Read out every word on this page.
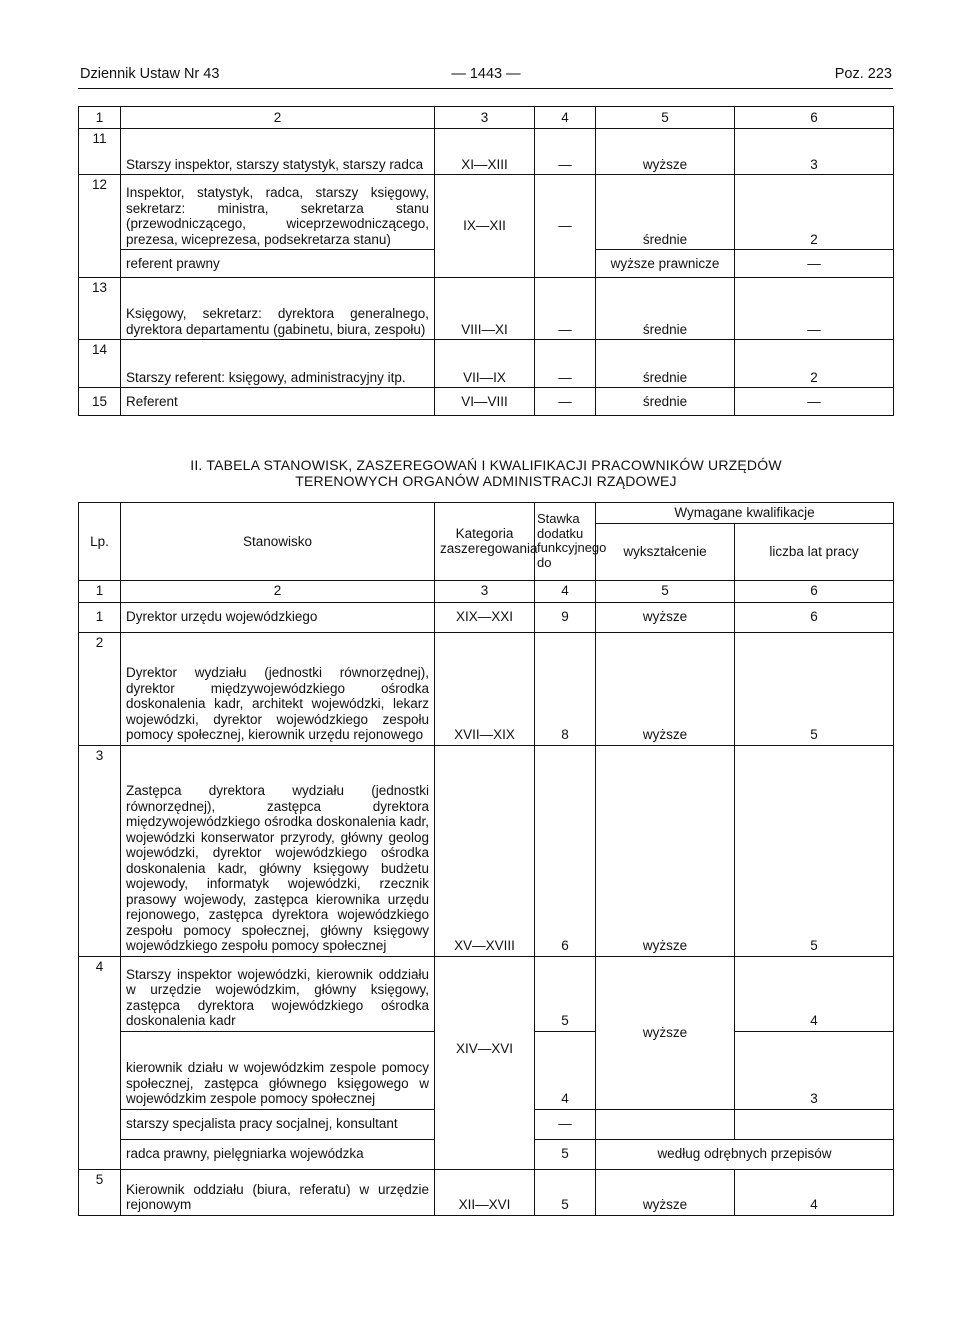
Dziennik Ustaw Nr 43	— 1443 —	Poz. 223
1	2	3	4	5	6
11	Starszy inspektor, starszy statystyk, starszy radca	XI—XIII	—	wyższe	3
12	Inspektor, statystyk, radca, starszy księgowy, sekretarz: ministra, sekretarza stanu (przewodniczącego, wiceprzewodniczącego, prezesa, wiceprezesa, podsekretarza stanu)	IX—XII	—	średnie	2
	referent prawny			wyższe prawnicze	—
13	Księgowy, sekretarz: dyrektora generalnego, dyrektora departamentu (gabinetu, biura, zespołu)	VIII—XI	—	średnie	—
14	Starszy referent: księgowy, administracyjny itp.	VII—IX	—	średnie	2
15	Referent	VI—VIII	—	średnie	—
II. TABELA STANOWISK, ZASZEREGOWAŃ I KWALIFIKACJI PRACOWNIKÓW URZĘDÓW
TERENOWYCH ORGANÓW ADMINISTRACJI RZĄDOWEJ
Lp.	Stanowisko	Kategoria zaszeregowania	Stawka dodatku funkcyjnego do	Wymagane kwalifikacje	
				wykształcenie	liczba lat pracy
1	2	3	4	5	6
1	Dyrektor urzędu wojewódzkiego	XIX—XXI	9	wyższe	6
2	Dyrektor wydziału (jednostki równorzędnej), dyrektor międzywojewódzkiego ośrodka doskonalenia kadr, architekt wojewódzki, lekarz wojewódzki, dyrektor wojewódzkiego zespołu pomocy społecznej, kierownik urzędu rejonowego	XVII—XIX	8	wyższe	5
3	Zastępca dyrektora wydziału (jednostki równorzędnej), zastępca dyrektora międzywojewódzkiego ośrodka doskonalenia kadr, wojewódzki konserwator przyrody, główny geolog wojewódzki, dyrektor wojewódzkiego ośrodka doskonalenia kadr, główny księgowy budżetu wojewody, informatyk wojewódzki, rzecznik prasowy wojewody, zastępca kierownika urzędu rejonowego, zastępca dyrektora wojewódzkiego zespołu pomocy społecznej, główny księgowy wojewódzkiego zespołu pomocy społecznej	XV—XVIII	6	wyższe	5
4	Starszy inspektor wojewódzki, kierownik oddziału w urzędzie wojewódzkim, główny księgowy, zastępca dyrektora wojewódzkiego ośrodka doskonalenia kadr	XIV—XVI	5	wyższe	4
	kierownik działu w wojewódzkim zespole pomocy społecznej, zastępca głównego księgowego w wojewódzkim zespole pomocy społecznej		4		3
	starszy specjalista pracy socjalnej, konsultant		—		
	radca prawny, pielęgniarka wojewódzka		5	według odrębnych przepisów	
5	Kierownik oddziału (biura, referatu) w urzędzie rejonowym	XII—XVI	5	wyższe	4
